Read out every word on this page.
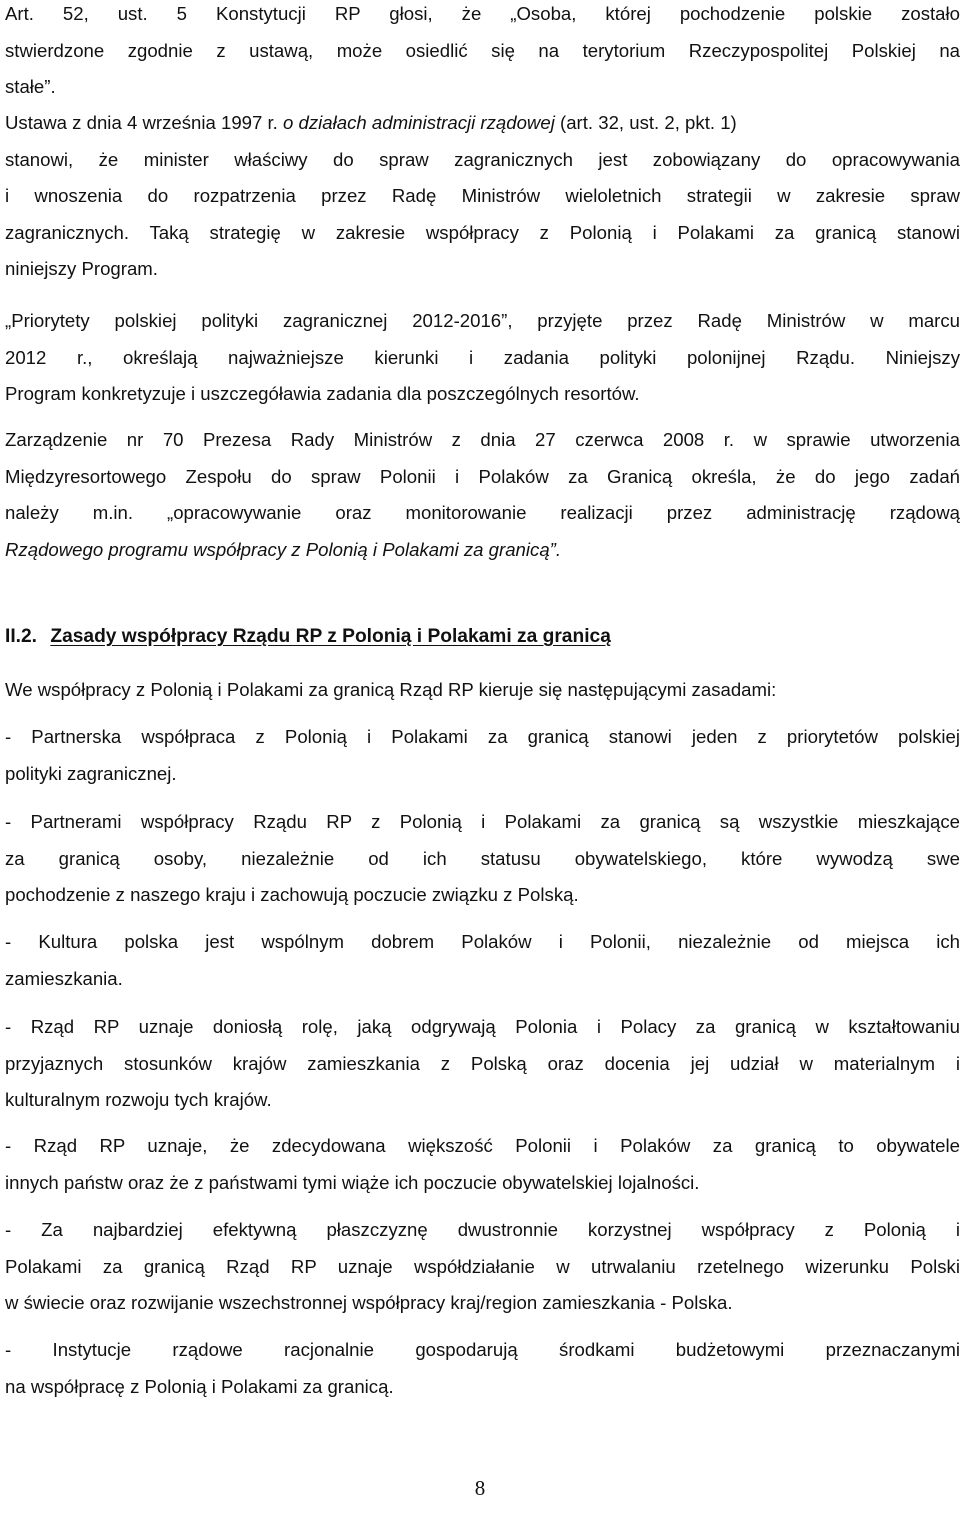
Art. 52, ust. 5 Konstytucji RP głosi, że „Osoba, której pochodzenie polskie zostało
stwierdzone zgodnie z ustawą, może osiedlić się na terytorium Rzeczypospolitej Polskiej na
stałe”.
Ustawa z dnia 4 września 1997 r. o działach administracji rządowej (art. 32, ust. 2, pkt. 1)
stanowi, że minister właściwy do spraw zagranicznych jest zobowiązany do opracowywania
i wnoszenia do rozpatrzenia przez Radę Ministrów wieloletnich strategii w zakresie spraw
zagranicznych. Taką strategię w zakresie współpracy z Polonią i Polakami za granicą stanowi
niniejszy Program.
„Priorytety polskiej polityki zagranicznej 2012-2016”, przyjęte przez Radę Ministrów w marcu
2012 r., określają najważniejsze kierunki i zadania polityki polonijnej Rządu. Niniejszy
Program konkretyzuje i uszczegóławia zadania dla poszczególnych resortów.
Zarządzenie nr 70 Prezesa Rady Ministrów z dnia 27 czerwca 2008 r. w sprawie utworzenia
Międzyresortowego Zespołu do spraw Polonii i Polaków za Granicą określa, że do jego zadań
należy m.in. „opracowywanie oraz monitorowanie realizacji przez administrację rządową
Rządowego programu współpracy z Polonią i Polakami za granicą”.
II.2. Zasady współpracy Rządu RP z Polonią i Polakami za granicą
We współpracy z Polonią i Polakami za granicą Rząd RP kieruje się następującymi zasadami:
- Partnerska współpraca z Polonią i Polakami za granicą stanowi jeden z priorytetów polskiej
polityki zagranicznej.
- Partnerami współpracy Rządu RP z Polonią i Polakami za granicą są wszystkie mieszkające
za granicą osoby, niezależnie od ich statusu obywatelskiego, które wywodzą swe
pochodzenie z naszego kraju i zachowują poczucie związku z Polską.
- Kultura polska jest wspólnym dobrem Polaków i Polonii, niezależnie od miejsca ich
zamieszkania.
- Rząd RP uznaje doniosłą rolę, jaką odgrywają Polonia i Polacy za granicą w kształtowaniu
przyjaznych stosunków krajów zamieszkania z Polską oraz docenia jej udział w materialnym i
kulturalnym rozwoju tych krajów.
- Rząd RP uznaje, że zdecydowana większość Polonii i Polaków za granicą to obywatele
innych państw oraz że z państwami tymi wiąże ich poczucie obywatelskiej lojalności.
- Za najbardziej efektywną płaszczyznę dwustronnie korzystnej współpracy z Polonią i
Polakami za granicą Rząd RP uznaje współdziałanie w utrwalaniu rzetelnego wizerunku Polski
w świecie oraz rozwijanie wszechstronnej współpracy kraj/region zamieszkania - Polska.
- Instytucje rządowe racjonalnie gospodarują środkami budżetowymi przeznaczanymi
na współpracę z Polonią i Polakami za granicą.
8
